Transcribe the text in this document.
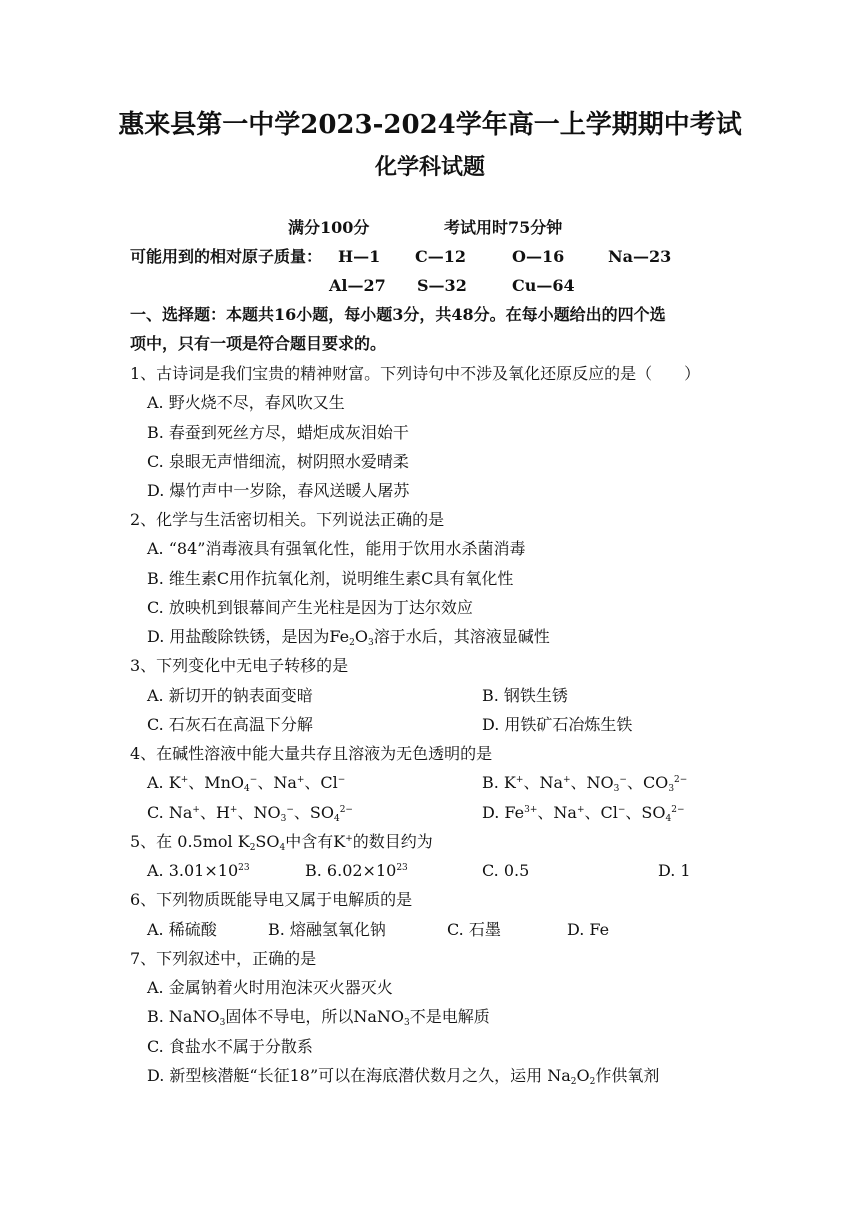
惠来县第一中学2023-2024学年高一上学期期中考试
化学科试题
满分100分	考试用时75分钟
可能用到的相对原子质量： H—1 C—12	O—16	Na—23
Al—27 S—32	Cu—64
一、选择题：本题共16小题，每小题3分，共48分。在每小题给出的四个选
项中，只有一项是符合题目要求的。
1、古诗词是我们宝贵的精神财富。下列诗句中不涉及氧化还原反应的是（　　）
A. 野火烧不尽，春风吹又生
B. 春蚕到死丝方尽，蜡炬成灰泪始干
C. 泉眼无声惜细流，树阴照水爱晴柔
D. 爆竹声中一岁除，春风送暖人屠苏
2、化学与生活密切相关。下列说法正确的是
A. “84”消毒液具有强氧化性，能用于饮用水杀菌消毒
B. 维生素C用作抗氧化剂，说明维生素C具有氧化性
C. 放映机到银幕间产生光柱是因为丁达尔效应
D. 用盐酸除铁锈，是因为$Fe_2O_3$溶于水后，其溶液显碱性
3、下列变化中无电子转移的是
A. 新切开的钠表面变暗	B. 钢铁生锈
C. 石灰石在高温下分解	D. 用铁矿石冶炼生铁
4、在碱性溶液中能大量共存且溶液为无色透明的是
A. K+、MnO$_4$−、Na+、Cl−	B. K+、Na+、$NO_3^-$、$CO_3^{2-}$
C. Na+、H+、$NO_3^-$、$SO_4^{2-}$	D. $Fe^{3+}$、Na+、Cl−、$SO_4^{2-}$
5、在 0.5mol $K_2SO_4$中含有K+的数目约为
A. $3.01\times 10^{23}$	B. $6.02\times 10^{23}$	C. 0.5	D. 1
6、下列物质既能导电又属于电解质的是
A. 稀硫酸	B. 熔融氢氧化钠	C. 石墨	D. Fe
7、下列叙述中，正确的是
A. 金属钠着火时用泡沫灭火器灭火
B. NaNO$_3$固体不导电，所以NaNO$_3$不是电解质
C. 食盐水不属于分散系
D. 新型核潜艇“长征18”可以在海底潜伏数月之久，运用 $Na_2O_2$作供氧剂
